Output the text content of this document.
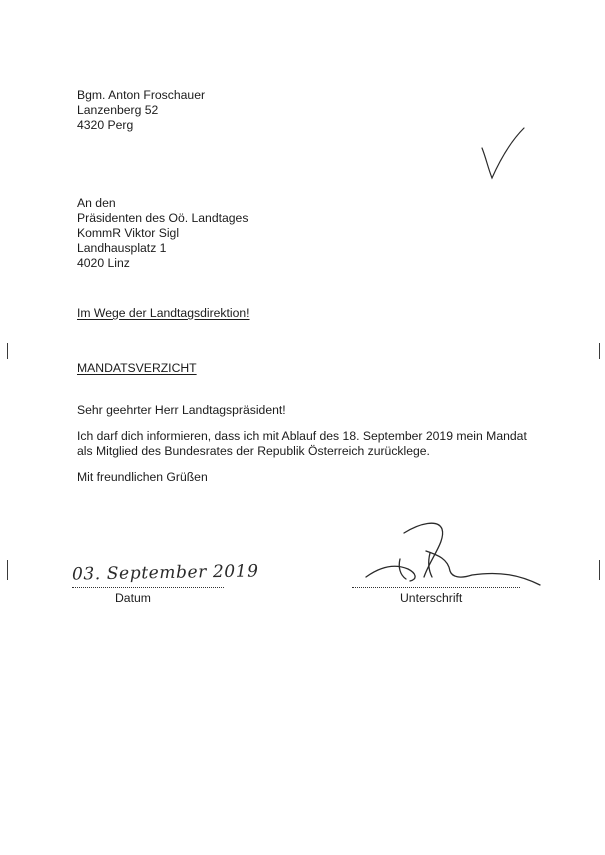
Bgm. Anton Froschauer

Lanzenberg 52

4320 Perg

An den

Präsidenten des Oö. Landtages

KommR Viktor Sigl

Landhausplatz 1

4020 Linz

Im Wege der Landtagsdirektion!

MANDATSVERZICHT

Sehr geehrter Herr Landtagspräsident!

Ich darf dich informieren, dass ich mit Ablauf des 18. September 2019 mein Mandat

als Mitglied des Bundesrates der Republik Österreich zurücklege.

Mit freundlichen Grüßen

03. September 2019

Datum	Unterschrift
